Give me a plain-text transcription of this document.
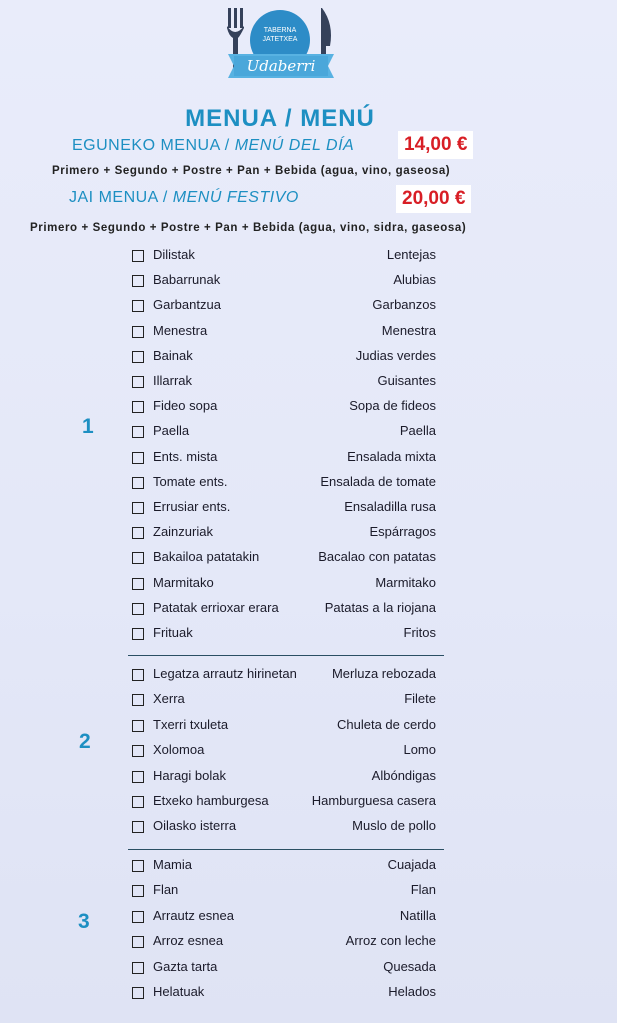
TABERNA
JATETXEA
Udaberri
MENUA / MENÚ
EGUNEKO MENUA / MENÚ DEL DÍA	14,00 €
Primero + Segundo + Postre + Pan + Bebida (agua, vino, gaseosa)
JAI MENUA / MENÚ FESTIVO	20,00 €
Primero + Segundo + Postre + Pan + Bebida (agua, vino, sidra, gaseosa)
1
Dilistak	Lentejas
Babarrunak	Alubias
Garbantzua	Garbanzos
Menestra	Menestra
Bainak	Judias verdes
Illarrak	Guisantes
Fideo sopa	Sopa de fideos
Paella	Paella
Ents. mista	Ensalada mixta
Tomate ents.	Ensalada de tomate
Errusiar ents.	Ensaladilla rusa
Zainzuriak	Espárragos
Bakailoa patatakin	Bacalao con patatas
Marmitako	Marmitako
Patatak errioxar erara	Patatas a la riojana
Frituak	Fritos
2
Legatza arrautz hirinetan	Merluza rebozada
Xerra	Filete
Txerri txuleta	Chuleta de cerdo
Xolomoa	Lomo
Haragi bolak	Albóndigas
Etxeko hamburgesa	Hamburguesa casera
Oilasko isterra	Muslo de pollo
3
Mamia	Cuajada
Flan	Flan
Arrautz esnea	Natilla
Arroz esnea	Arroz con leche
Gazta tarta	Quesada
Helatuak	Helados
